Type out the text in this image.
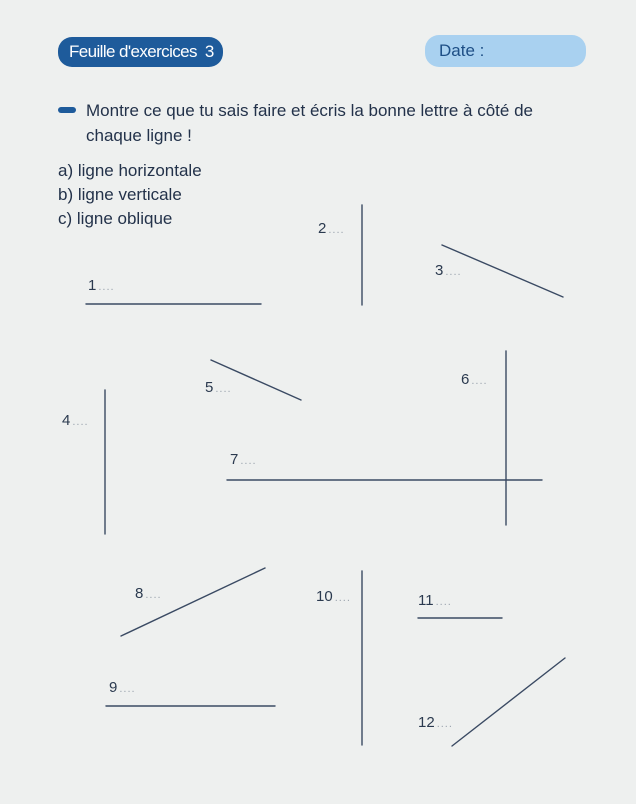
Feuille d'exercices 3	Date :
Montre ce que tu sais faire et écris la bonne lettre à côté de chaque ligne !
a) ligne horizontale
b) ligne verticale
c) ligne oblique
1 ....
2 ....
3 ....
4 ....
5 ....
6 ....
7 ....
8 ....
9 ....
10 ....	11 ....
12 ....
